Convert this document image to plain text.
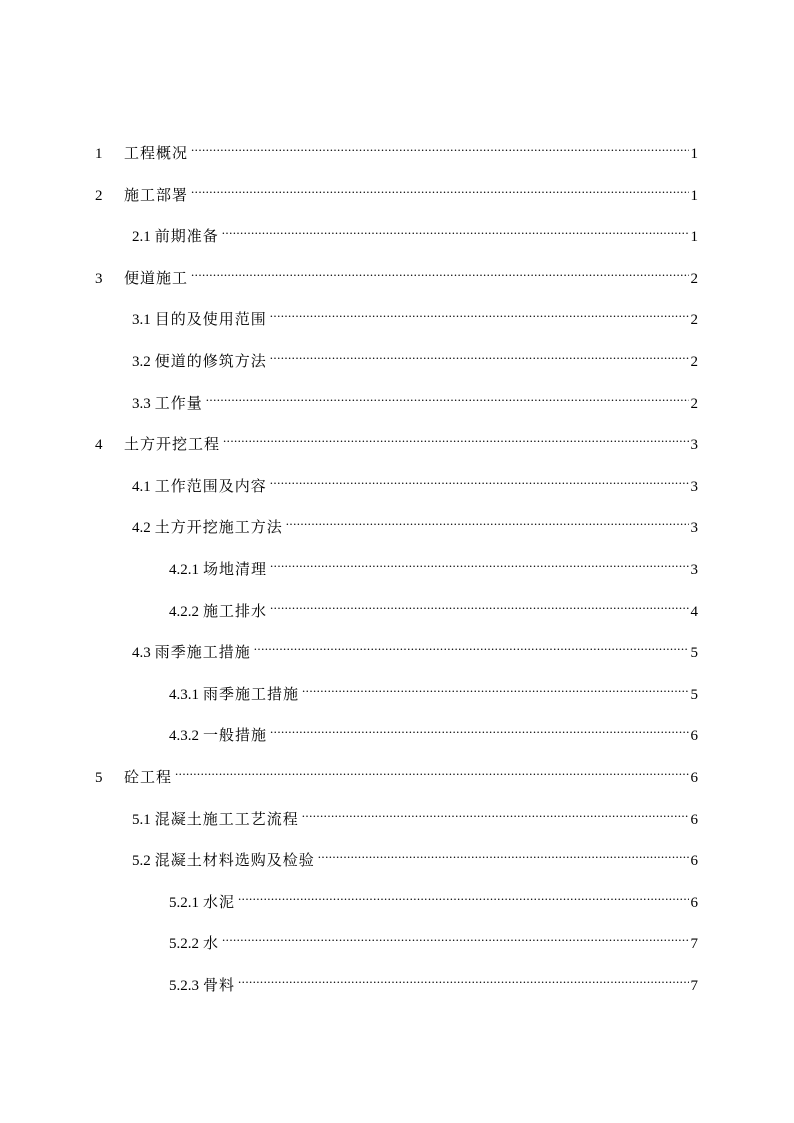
1	工程概况 .....	1
2	施工部署 .....	1
2.1 前期准备 .....	1
3	便道施工 .....	2
3.1 目的及使用范围 .....	2
3.2 便道的修筑方法 .....	2
3.3 工作量 .....	2
4	土方开挖工程 .....	3
4.1 工作范围及内容 .....	3
4.2 土方开挖施工方法 .....	3
4.2.1 场地清理 .....	3
4.2.2 施工排水 .....	4
4.3 雨季施工措施 .....	5
4.3.1 雨季施工措施 .....	5
4.3.2 一般措施 .....	6
5	砼工程 .....	6
5.1 混凝土施工工艺流程 .....	6
5.2 混凝土材料选购及检验 .....	6
5.2.1 水泥 .....	6
5.2.2 水 .....	7
5.2.3 骨料 .....	7
